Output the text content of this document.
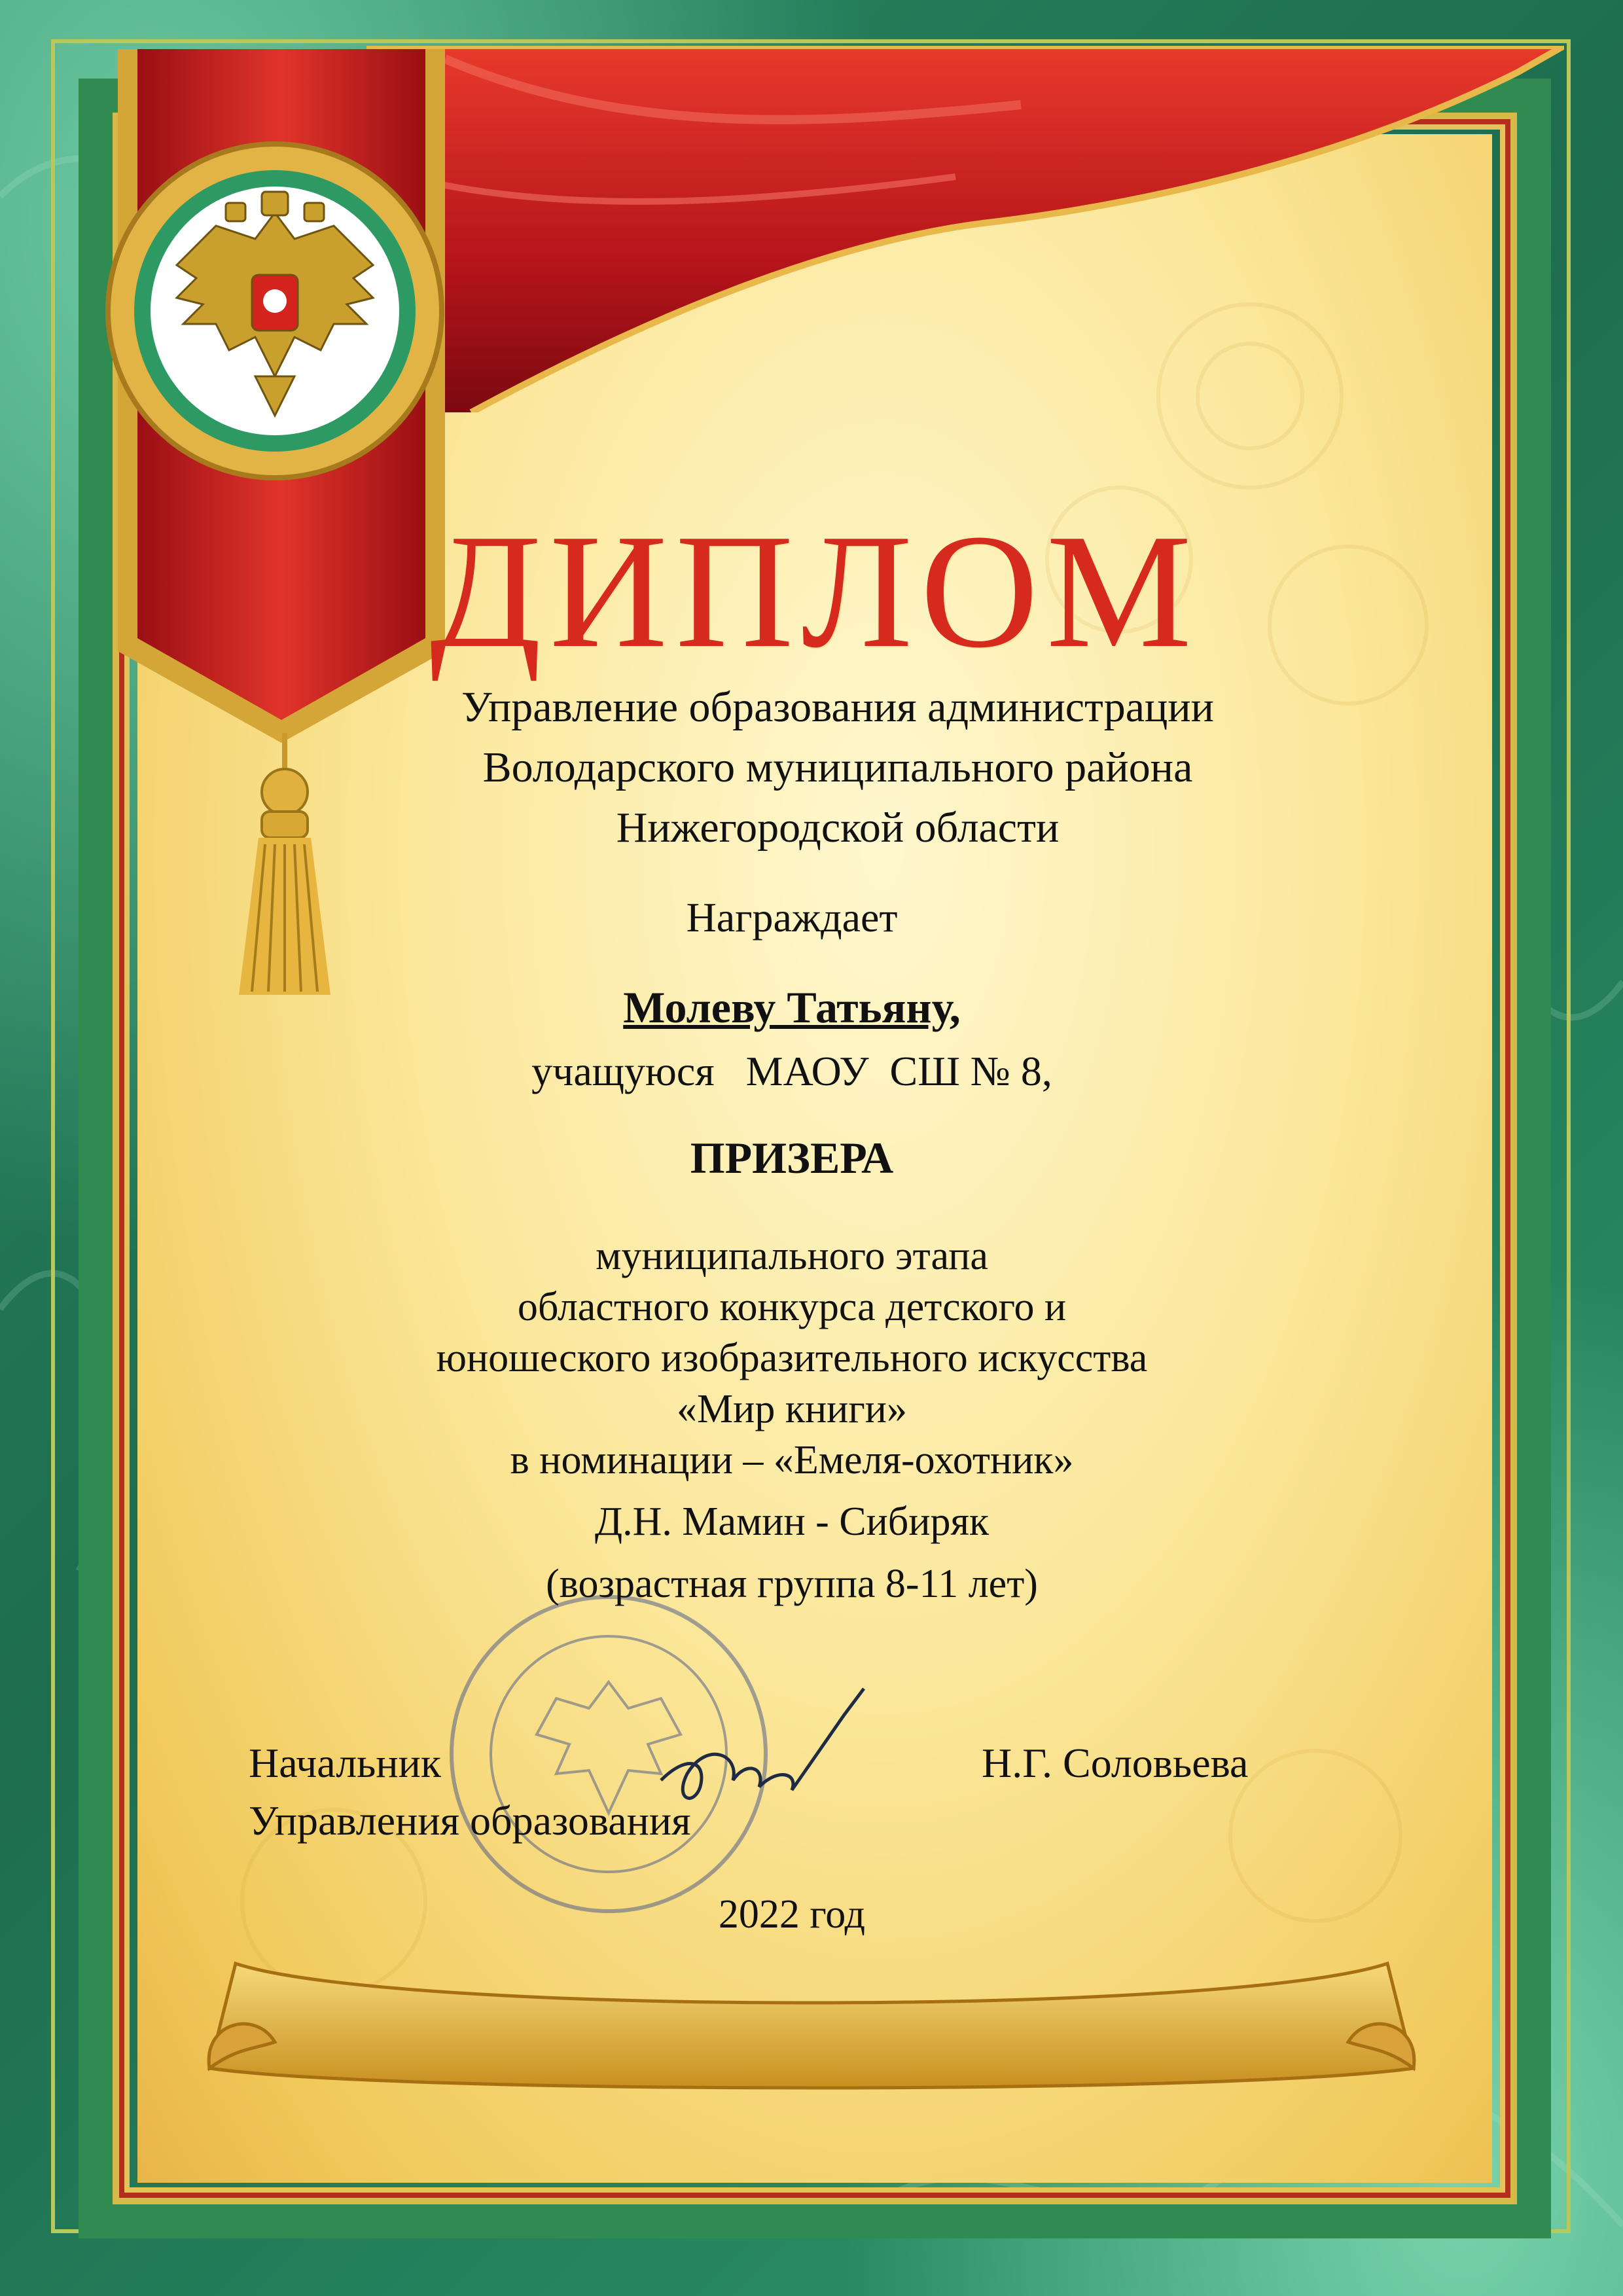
ДИПЛОМ
Управление образования администрации
Володарского муниципального района
Нижегородской области
Награждает
Молеву Татьяну,
учащуюся   МАОУ  СШ № 8,
ПРИЗЕРА
муниципального этапа
областного конкурса детского и
юношеского изобразительного искусства
«Мир книги»
в номинации – «Емеля-охотник»
Д.Н. Мамин - Сибиряк
(возрастная группа 8-11 лет)
Начальник
Управления образования
Н.Г. Соловьева
2022 год
